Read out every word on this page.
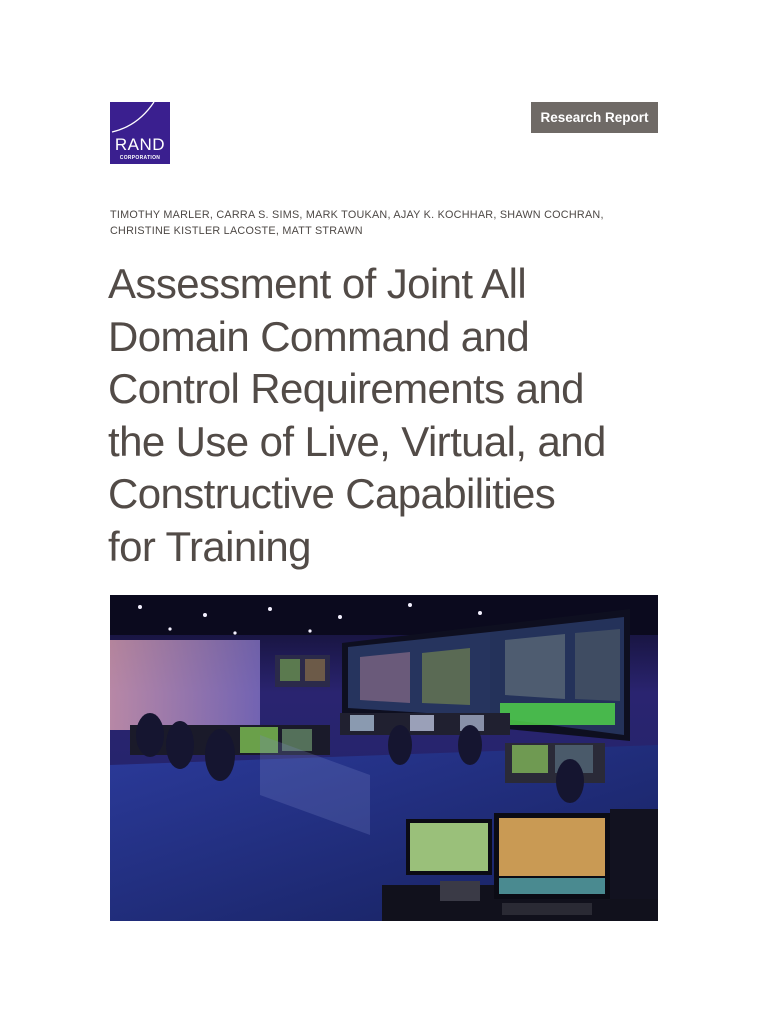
RAND
CORPORATION
Research Report
TIMOTHY MARLER, CARRA S. SIMS, MARK TOUKAN, AJAY K. KOCHHAR, SHAWN COCHRAN,
CHRISTINE KISTLER LACOSTE, MATT STRAWN
Assessment of Joint All
Domain Command and
Control Requirements and
the Use of Live, Virtual, and
Constructive Capabilities
for Training
